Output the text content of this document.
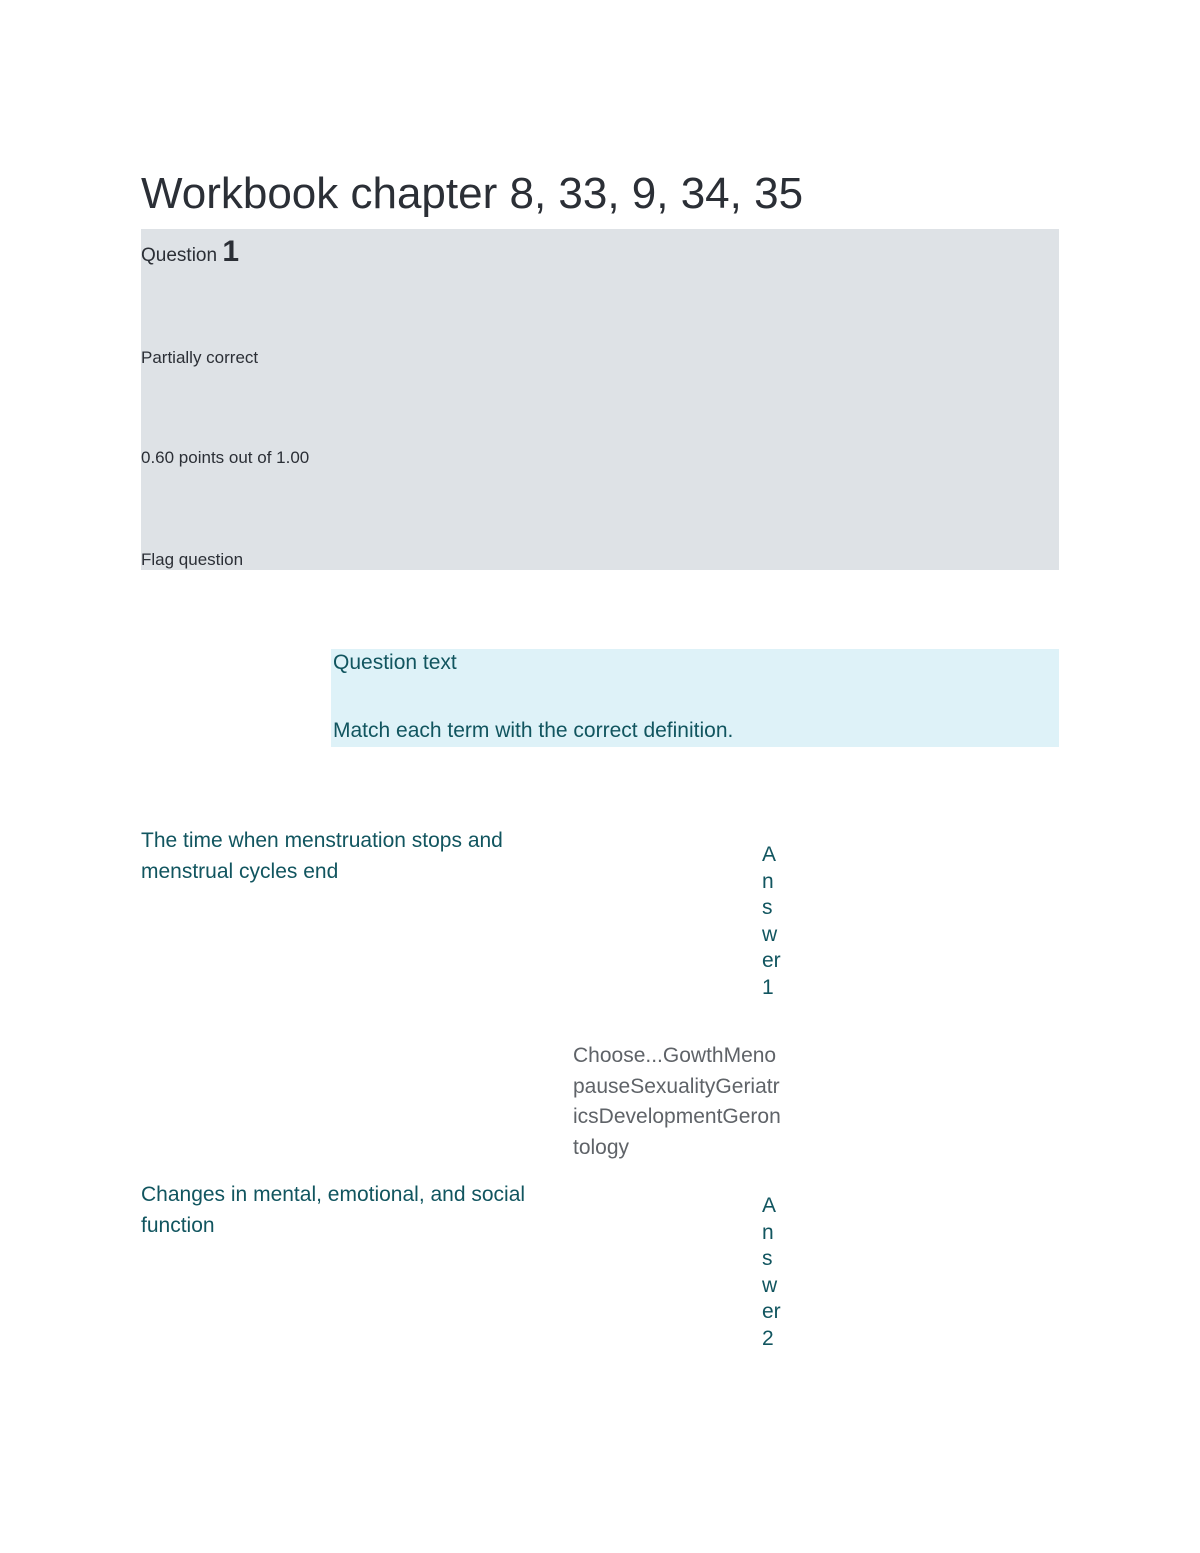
Workbook chapter 8, 33, 9, 34, 35
Question 1
Partially correct
0.60 points out of 1.00
Flag question
Question text
Match each term with the correct definition.
The time when menstruation stops and menstrual cycles end
Answer 1
Choose...GowthMenopauseSexualityGeriatricsDevelopmentGerontology
Changes in mental, emotional, and social function
Answer 2
